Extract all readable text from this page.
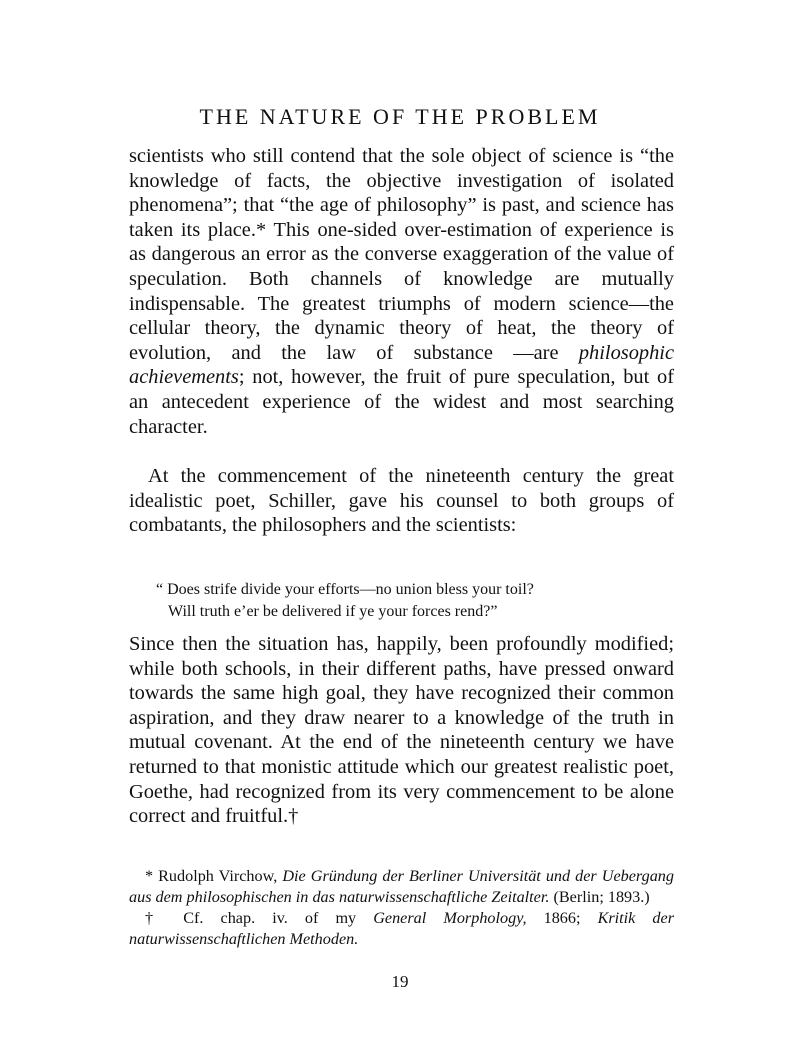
THE NATURE OF THE PROBLEM

scientists who still contend that the sole object of science is “the knowledge of facts, the objective investigation of isolated phenomena”; that “the age of philosophy” is past, and science has taken its place.* This one-sided over-estimation of experience is as dangerous an error as the converse exaggeration of the value of speculation. Both channels of knowledge are mutually indispensable. The greatest triumphs of modern science—the cellular theory, the dynamic theory of heat, the theory of evolution, and the law of substance —are philosophic achievements; not, however, the fruit of pure speculation, but of an antecedent experience of the widest and most searching character.

At the commencement of the nineteenth century the great idealistic poet, Schiller, gave his counsel to both groups of combatants, the philosophers and the scientists:

“ Does strife divide your efforts—no union bless your toil?
Will truth e’er be delivered if ye your forces rend?”

Since then the situation has, happily, been profoundly modified; while both schools, in their different paths, have pressed onward towards the same high goal, they have recognized their common aspiration, and they draw nearer to a knowledge of the truth in mutual covenant. At the end of the nineteenth century we have returned to that monistic attitude which our greatest realistic poet, Goethe, had recognized from its very commencement to be alone correct and fruitful.†

* Rudolph Virchow, Die Gründung der Berliner Universität und der Uebergang aus dem philosophischen in das naturwissenschaftliche Zeitalter. (Berlin; 1893.)

† Cf. chap. iv. of my General Morphology, 1866; Kritik der naturwissenschaftlichen Methoden.

19
